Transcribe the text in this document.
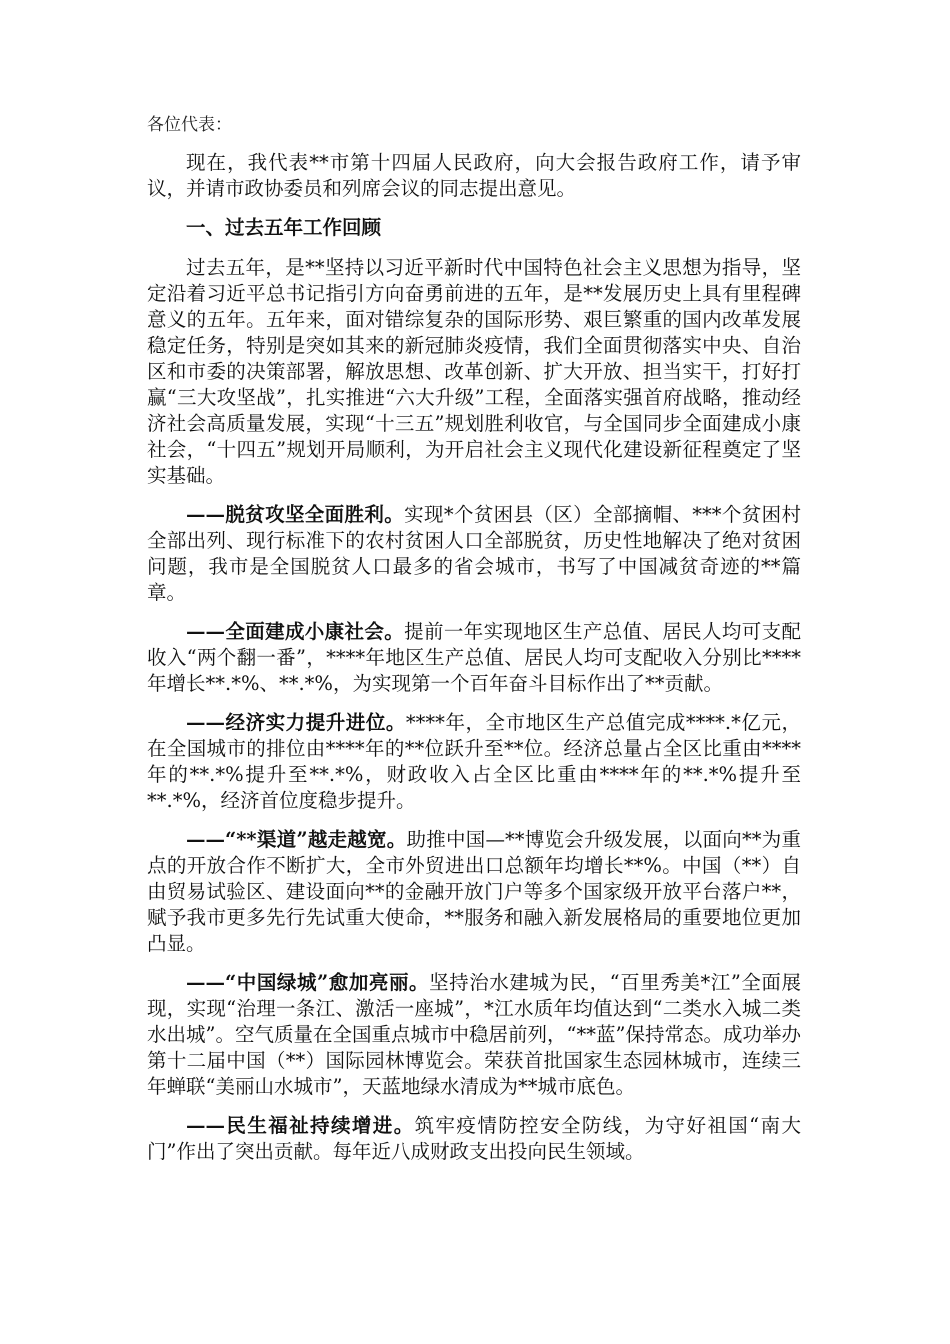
各位代表：

现在，我代表**市第十四届人民政府，向大会报告政府工作，请予审议，并请市政协委员和列席会议的同志提出意见。

一、过去五年工作回顾

过去五年，是**坚持以习近平新时代中国特色社会主义思想为指导，坚定沿着习近平总书记指引方向奋勇前进的五年，是**发展历史上具有里程碑意义的五年。五年来，面对错综复杂的国际形势、艰巨繁重的国内改革发展稳定任务，特别是突如其来的新冠肺炎疫情，我们全面贯彻落实中央、自治区和市委的决策部署，解放思想、改革创新、扩大开放、担当实干，打好打赢“三大攻坚战”，扎实推进“六大升级”工程，全面落实强首府战略，推动经济社会高质量发展，实现“十三五”规划胜利收官，与全国同步全面建成小康社会，“十四五”规划开局顺利，为开启社会主义现代化建设新征程奠定了坚实基础。

——脱贫攻坚全面胜利。实现*个贫困县（区）全部摘帽、***个贫困村全部出列、现行标准下的农村贫困人口全部脱贫，历史性地解决了绝对贫困问题，我市是全国脱贫人口最多的省会城市，书写了中国减贫奇迹的**篇章。

——全面建成小康社会。提前一年实现地区生产总值、居民人均可支配收入“两个翻一番”，****年地区生产总值、居民人均可支配收入分别比****年增长**.*%、**.*%，为实现第一个百年奋斗目标作出了**贡献。

——经济实力提升进位。****年，全市地区生产总值完成****.*亿元，在全国城市的排位由****年的**位跃升至**位。经济总量占全区比重由****年的**.*%提升至**.*%，财政收入占全区比重由****年的**.*%提升至**.*%，经济首位度稳步提升。

——“**渠道”越走越宽。助推中国—**博览会升级发展，以面向**为重点的开放合作不断扩大，全市外贸进出口总额年均增长**%。中国（**）自由贸易试验区、建设面向**的金融开放门户等多个国家级开放平台落户**，赋予我市更多先行先试重大使命，**服务和融入新发展格局的重要地位更加凸显。

——“中国绿城”愈加亮丽。坚持治水建城为民，“百里秀美*江”全面展现，实现“治理一条江、激活一座城”，*江水质年均值达到“二类水入城二类水出城”。空气质量在全国重点城市中稳居前列，“**蓝”保持常态。成功举办第十二届中国（**）国际园林博览会。荣获首批国家生态园林城市，连续三年蝉联“美丽山水城市”，天蓝地绿水清成为**城市底色。

——民生福祉持续增进。筑牢疫情防控安全防线，为守好祖国“南大门”作出了突出贡献。每年近八成财政支出投向民生领域。
